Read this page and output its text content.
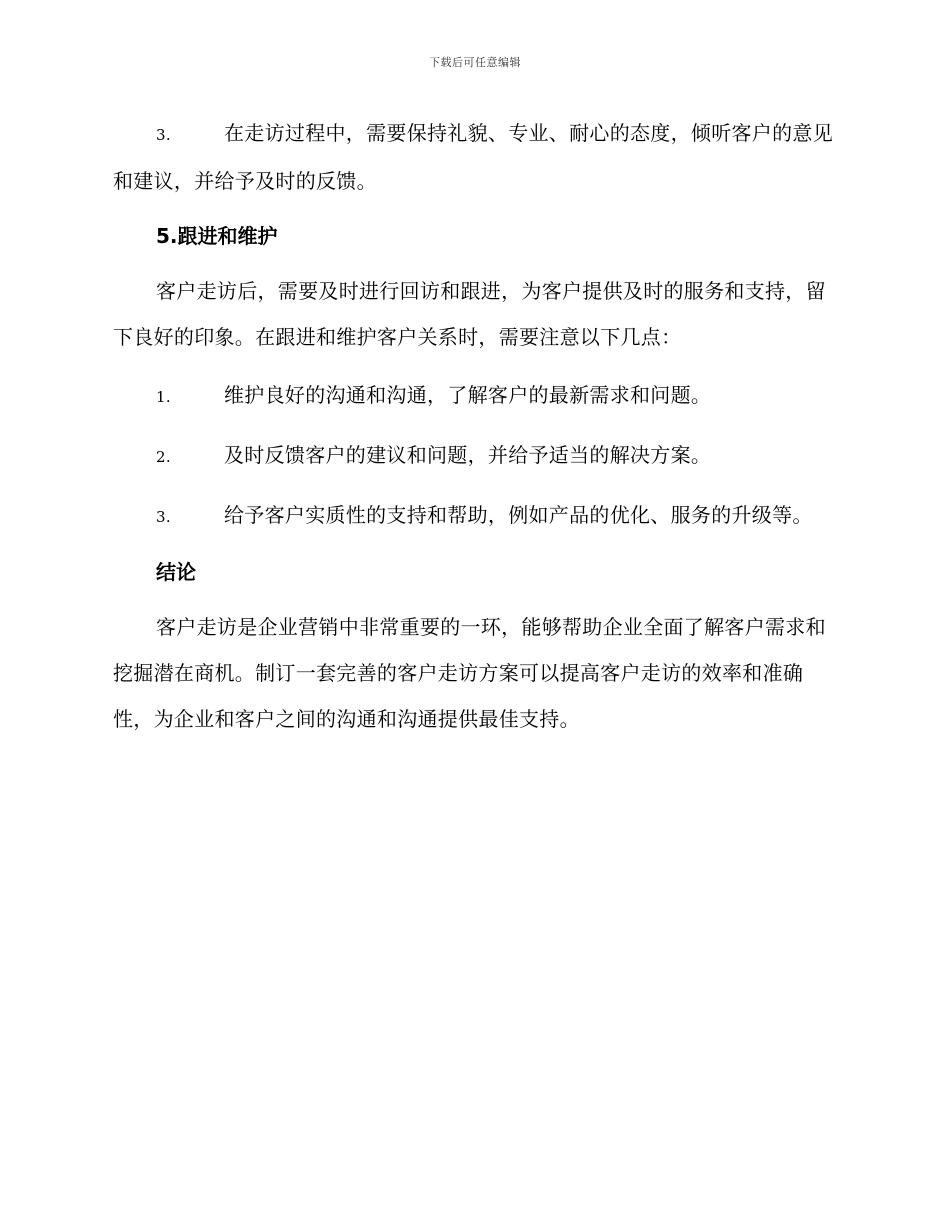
下载后可任意编辑

3.	在走访过程中，需要保持礼貌、专业、耐心的态度，倾听客户的意见和建议，并给予及时的反馈。

5.跟进和维护

客户走访后，需要及时进行回访和跟进，为客户提供及时的服务和支持，留下良好的印象。在跟进和维护客户关系时，需要注意以下几点：

1.	维护良好的沟通和沟通，了解客户的最新需求和问题。

2.	及时反馈客户的建议和问题，并给予适当的解决方案。

3.	给予客户实质性的支持和帮助，例如产品的优化、服务的升级等。

结论

客户走访是企业营销中非常重要的一环，能够帮助企业全面了解客户需求和挖掘潜在商机。制订一套完善的客户走访方案可以提高客户走访的效率和准确性，为企业和客户之间的沟通和沟通提供最佳支持。
